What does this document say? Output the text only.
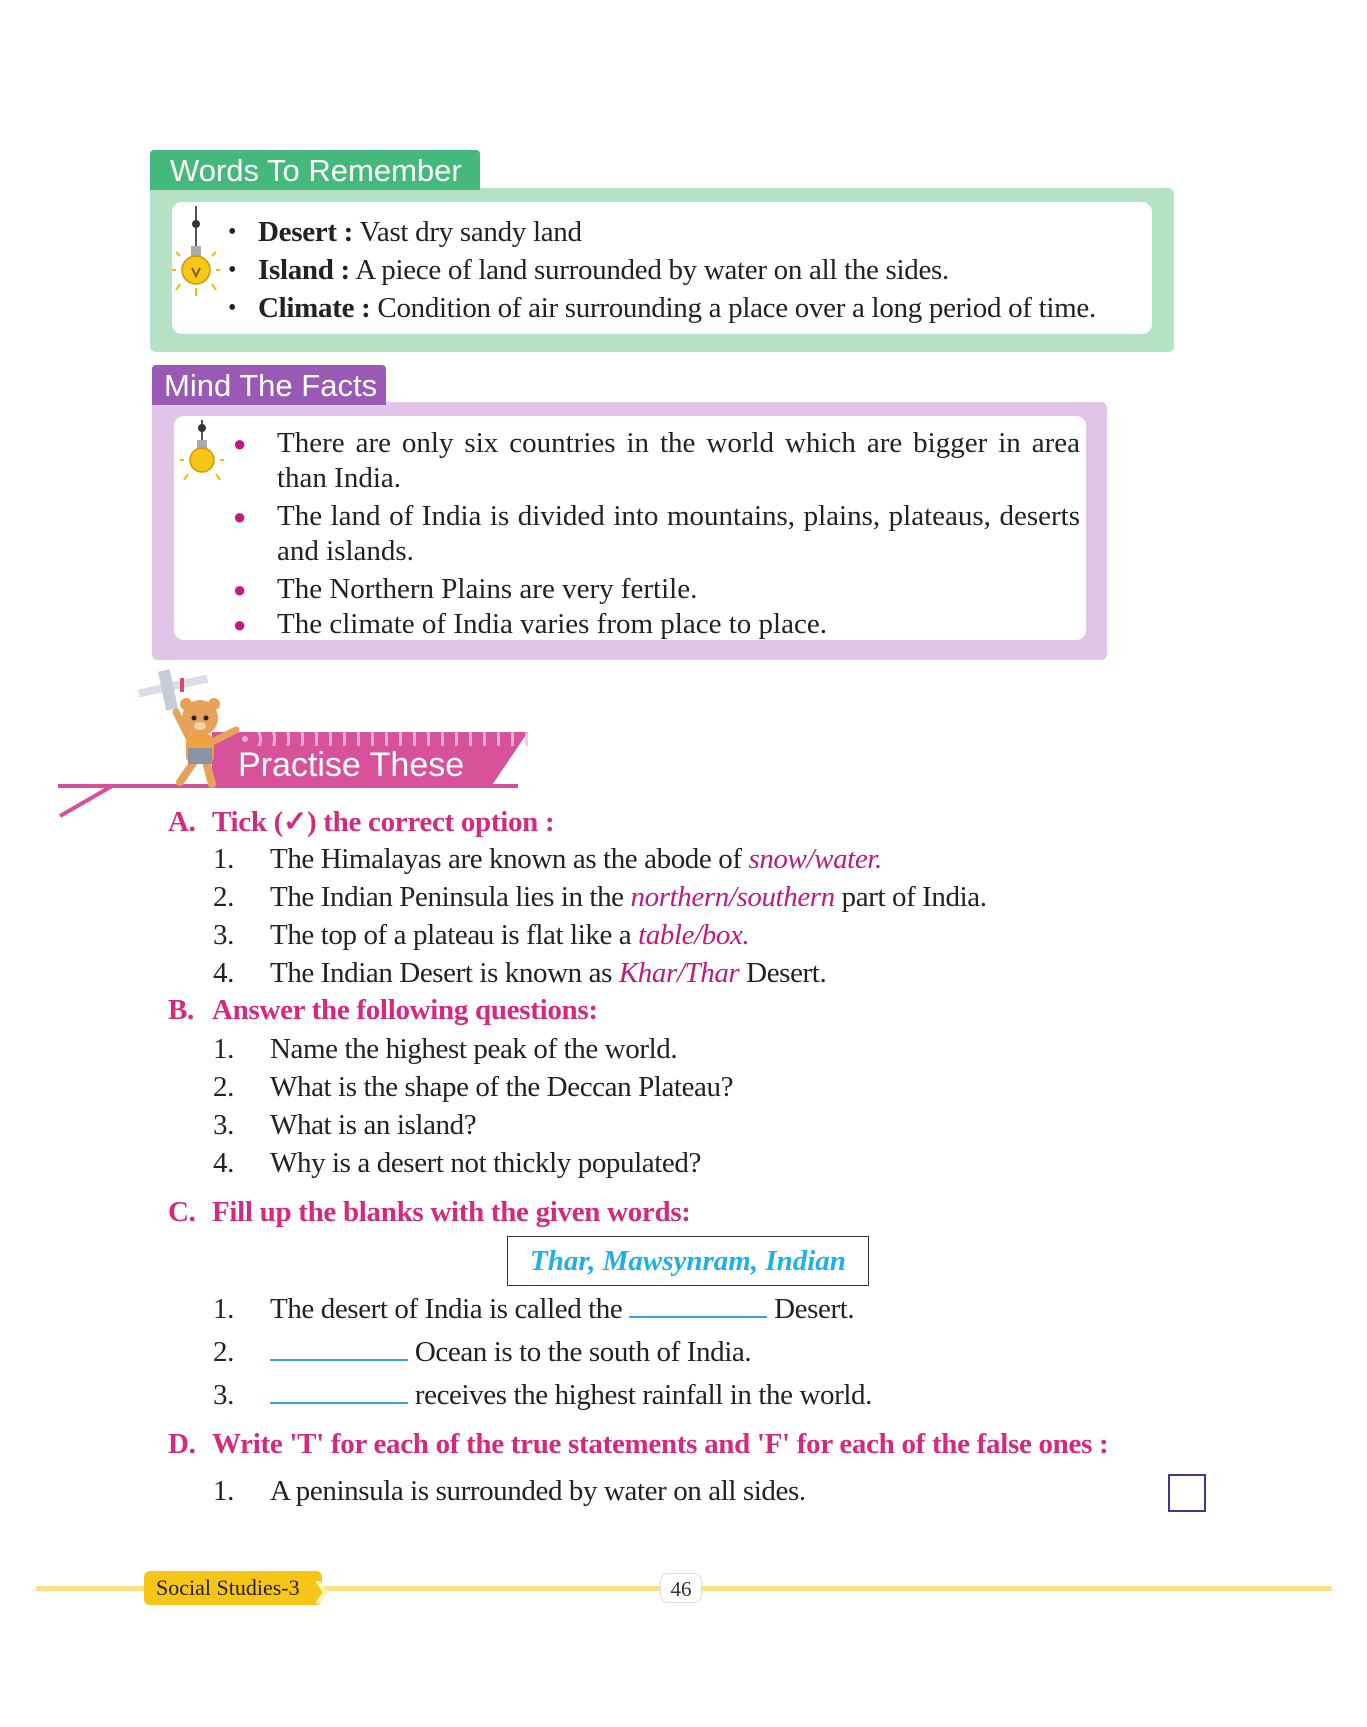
Words To Remember
• Desert : Vast dry sandy land
• Island : A piece of land surrounded by water on all the sides.
• Climate : Condition of air surrounding a place over a long period of time.
Mind The Facts
● There are only six countries in the world which are bigger in area than India.
● The land of India is divided into mountains, plains, plateaus, deserts and islands.
● The Northern Plains are very fertile.
● The climate of India varies from place to place.
Practise These
A. Tick (✓) the correct option :
1. The Himalayas are known as the abode of snow/water.
2. The Indian Peninsula lies in the northern/southern part of India.
3. The top of a plateau is flat like a table/box.
4. The Indian Desert is known as Khar/Thar Desert.
B. Answer the following questions:
1. Name the highest peak of the world.
2. What is the shape of the Deccan Plateau?
3. What is an island?
4. Why is a desert not thickly populated?
C. Fill up the blanks with the given words:
Thar, Mawsynram, Indian
1. The desert of India is called the	Desert.
2.	Ocean is to the south of India.
3.	receives the highest rainfall in the world.
D. Write 'T' for each of the true statements and 'F' for each of the false ones :
1. A peninsula is surrounded by water on all sides.
Social Studies-3 ❯	46
